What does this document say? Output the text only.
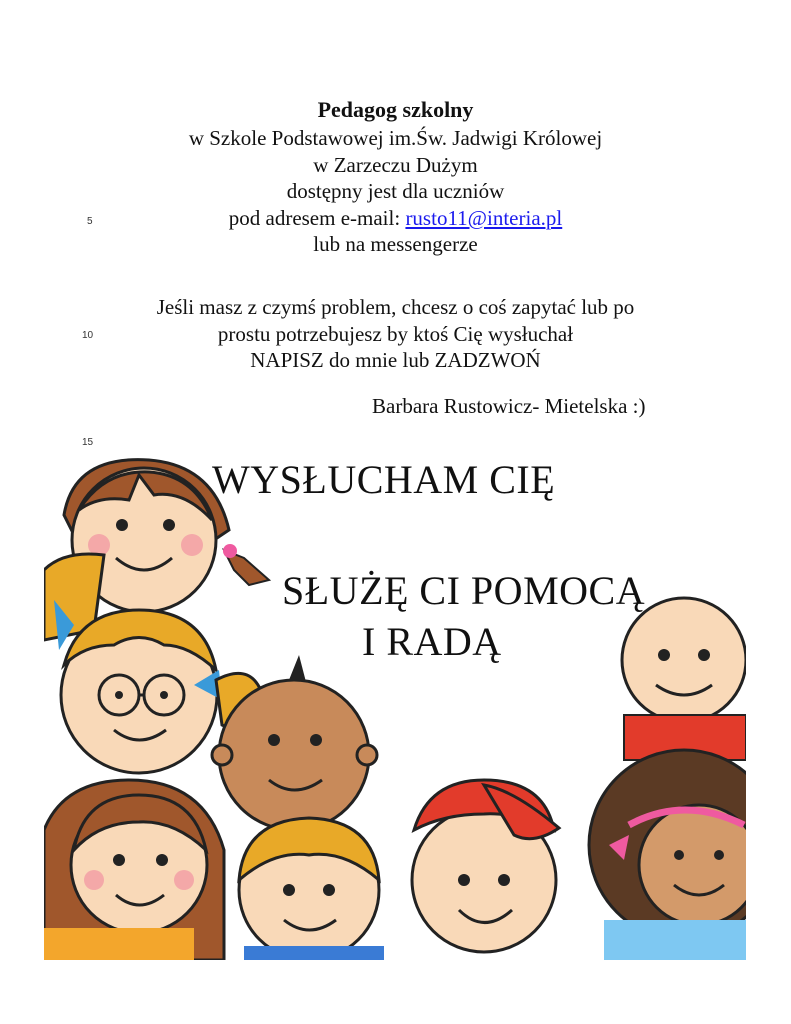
5
10
15
Pedagog szkolny
w Szkole Podstawowej im.Św. Jadwigi Królowej
w Zarzeczu Dużym
dostępny jest dla uczniów
pod adresem e-mail: rusto11@interia.pl
lub na messengerze
Jeśli masz z czymś problem, chcesz o coś zapytać lub po
prostu potrzebujesz by ktoś Cię wysłuchał
NAPISZ do mnie lub ZADZWOŃ
Barbara Rustowicz- Mietelska :)
WYSŁUCHAM CIĘ
SŁUŻĘ CI POMOCĄ
I RADĄ
